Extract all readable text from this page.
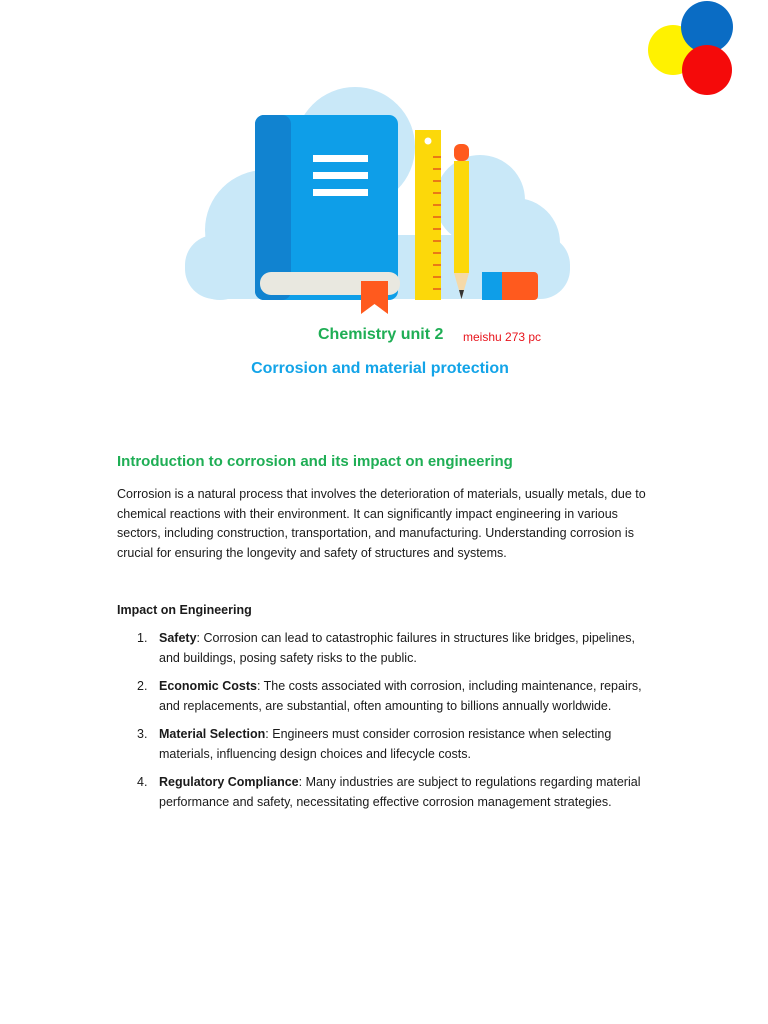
Chemistry unit 2 meishu 273 pc
Corrosion and material protection
Introduction to corrosion and its impact on engineering

Corrosion is a natural process that involves the deterioration of materials, usually metals, due to chemical reactions with their environment. It can significantly impact engineering in various sectors, including construction, transportation, and manufacturing. Understanding corrosion is crucial for ensuring the longevity and safety of structures and systems.

Impact on Engineering
1. Safety: Corrosion can lead to catastrophic failures in structures like bridges, pipelines, and buildings, posing safety risks to the public.
2. Economic Costs: The costs associated with corrosion, including maintenance, repairs, and replacements, are substantial, often amounting to billions annually worldwide.
3. Material Selection: Engineers must consider corrosion resistance when selecting materials, influencing design choices and lifecycle costs.
4. Regulatory Compliance: Many industries are subject to regulations regarding material performance and safety, necessitating effective corrosion management strategies.
